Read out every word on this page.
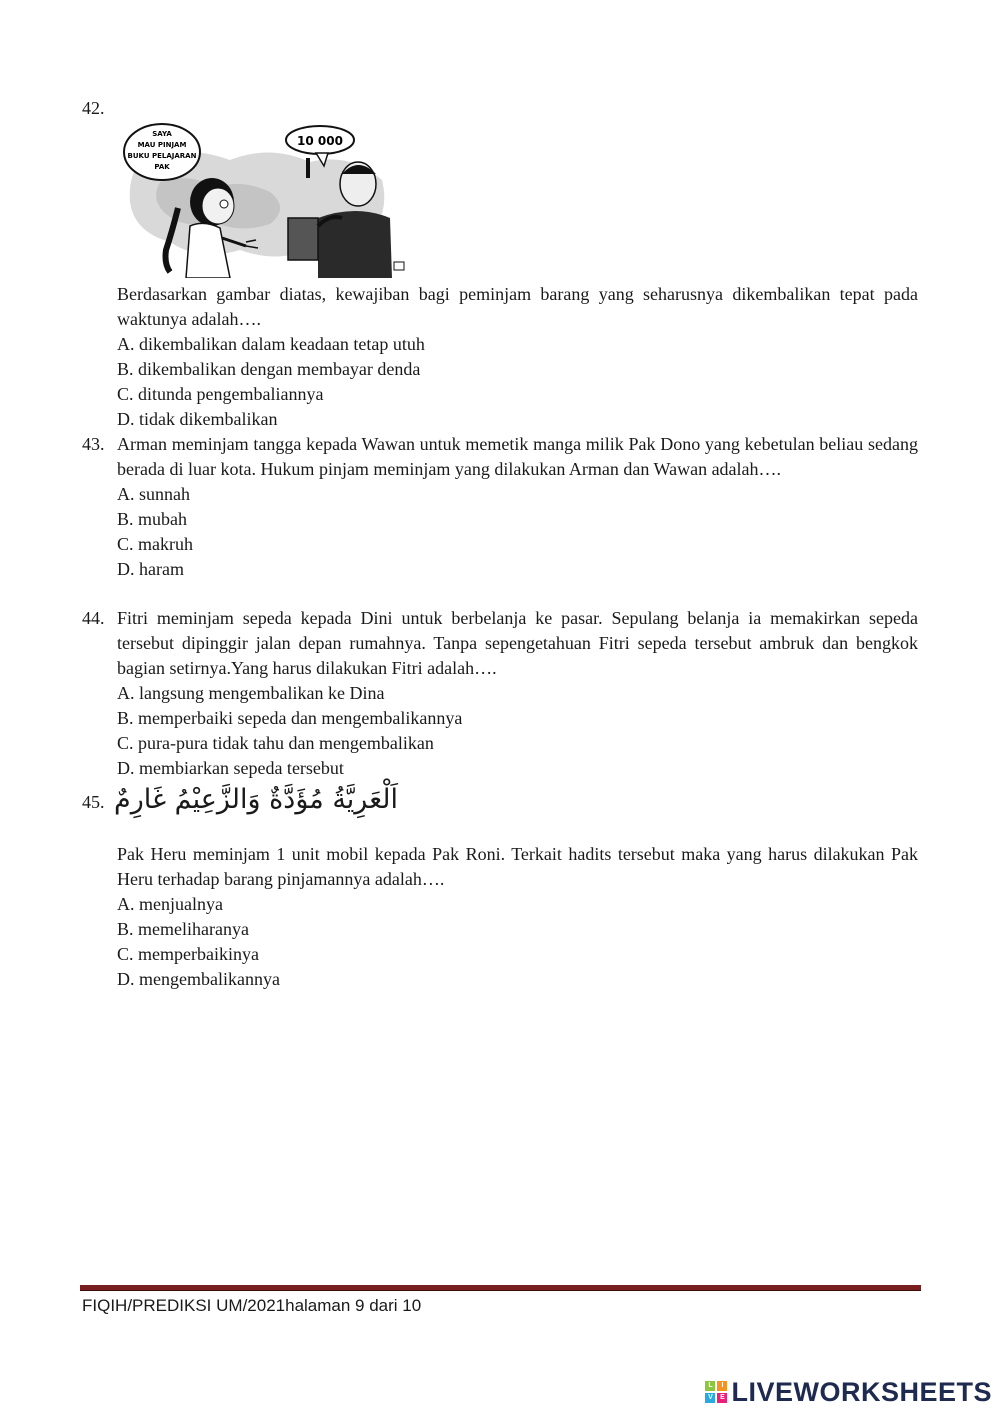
42.
SAYA
MAU PINJAM
BUKU PELAJARAN
PAK
10 000
Berdasarkan gambar diatas, kewajiban bagi peminjam barang yang seharusnya dikembalikan tepat pada waktunya adalah….
A. dikembalikan dalam keadaan tetap utuh
B. dikembalikan dengan membayar denda
C. ditunda pengembaliannya
D. tidak dikembalikan
43. Arman meminjam tangga kepada Wawan untuk memetik manga milik Pak Dono yang kebetulan beliau sedang berada di luar kota. Hukum pinjam meminjam yang dilakukan Arman dan Wawan adalah….
A. sunnah
B. mubah
C. makruh
D. haram
44. Fitri meminjam sepeda kepada Dini untuk berbelanja ke pasar. Sepulang belanja ia memakirkan sepeda tersebut dipinggir jalan depan rumahnya. Tanpa sepengetahuan Fitri sepeda tersebut ambruk dan bengkok bagian setirnya.Yang harus dilakukan Fitri adalah….
A. langsung mengembalikan ke Dina
B. memperbaiki sepeda dan mengembalikannya
C. pura-pura tidak tahu dan mengembalikan
D. membiarkan sepeda tersebut
45. اَلْعَرِيَّةُ مُؤَدَّةٌ وَالزَّعِيْمُ غَارِمٌ
Pak Heru meminjam 1 unit mobil kepada Pak Roni. Terkait hadits tersebut maka yang harus dilakukan Pak Heru terhadap barang pinjamannya adalah….
A. menjualnya
B. memeliharanya
C. memperbaikinya
D. mengembalikannya
FIQIH/PREDIKSI UM/2021halaman 9 dari 10
L	I
V	E LIVEWORKSHEETS
